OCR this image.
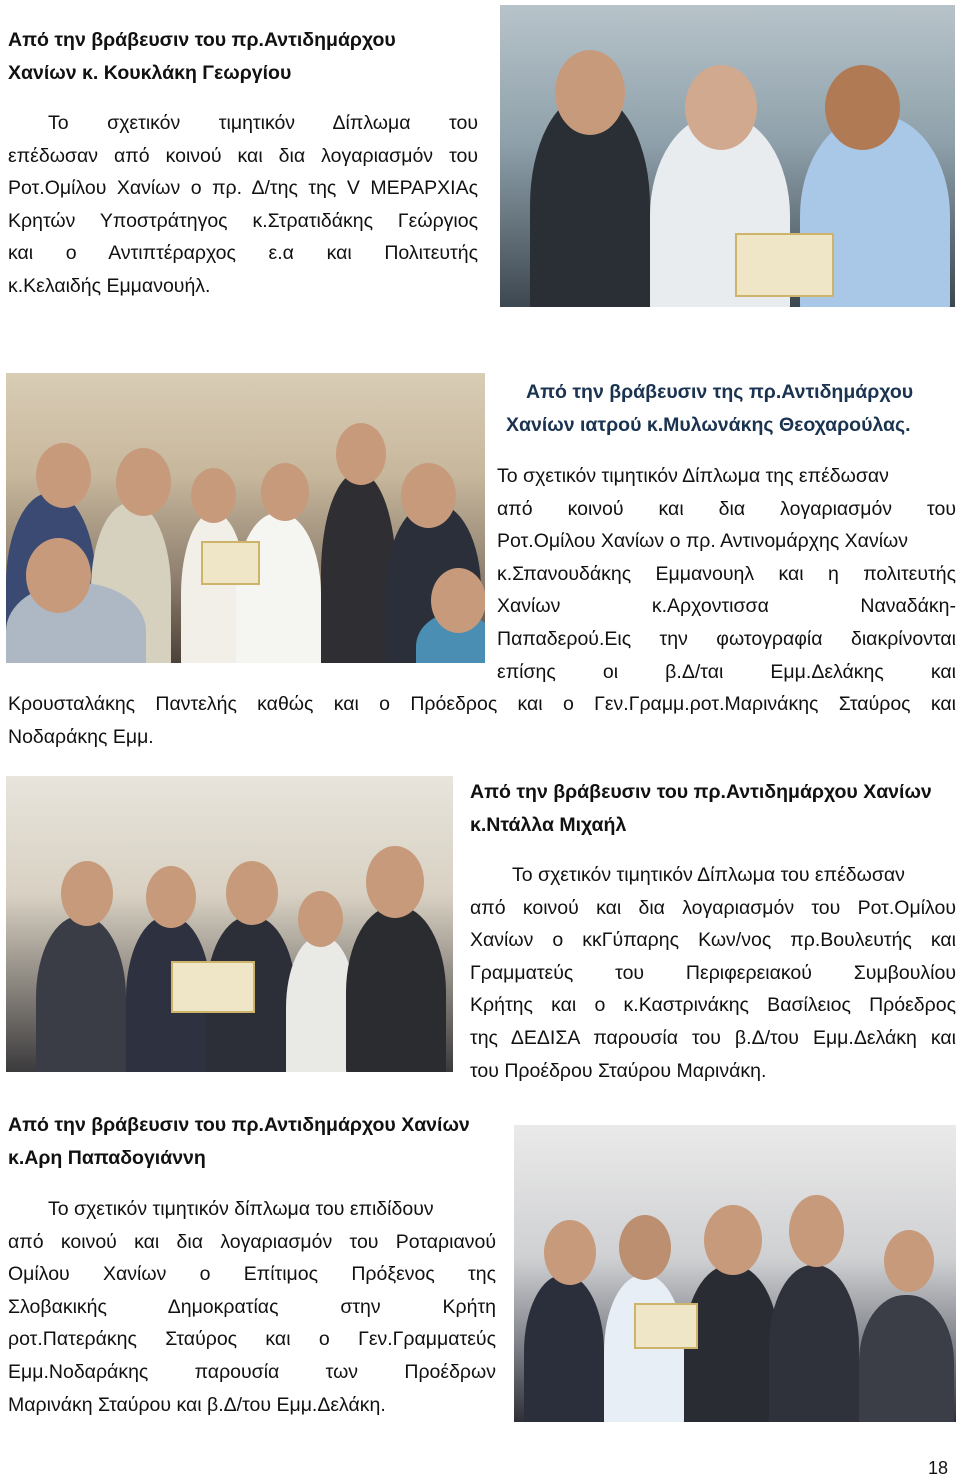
Από την βράβευσιν του πρ.Αντιδημάρχου
Χανίων κ. Κουκλάκη Γεωργίου
Το σχετικόν τιμητικόν Δίπλωμα του
επέδωσαν από κοινού και δια λογαριασμόν του
Ροτ.Ομίλου Χανίων ο πρ. Δ/της της V ΜΕΡΑΡΧΙΑς
Κρητών Υποστράτηγος κ.Στρατιδάκης Γεώργιος
και ο Αντιπτέραρχος ε.α και Πολιτευτής
κ.Κελαιδής Εμμανουήλ.
Από την βράβευσιν της πρ.Αντιδημάρχου
Χανίων ιατρού κ.Μυλωνάκης Θεοχαρούλας.
Το σχετικόν τιμητικόν Δίπλωμα της επέδωσαν
από κοινού και δια λογαριασμόν του
Ροτ.Ομίλου Χανίων ο πρ. Αντινομάρχης Χανίων
κ.Σπανουδάκης Εμμανουηλ και η πολιτευτής
Χανίων κ.Αρχοντισσα Ναναδάκη-
Παπαδερού.Εις την φωτογραφία διακρίνονται
επίσης οι β.Δ/ται Εμμ.Δελάκης και
Κρουσταλάκης Παντελής καθώς και ο Πρόεδρος και ο Γεν.Γραμμ.ροτ.Μαρινάκης Σταύρος και
Νοδαράκης Εμμ.
Από την βράβευσιν του πρ.Αντιδημάρχου Χανίων
κ.Ντάλλα Μιχαήλ
Το σχετικόν τιμητικόν Δίπλωμα του επέδωσαν
από κοινού και δια λογαριασμόν του Ροτ.Ομίλου
Χανίων ο κκΓύπαρης Κων/νος πρ.Βουλευτής και
Γραμματεύς του Περιφερειακού Συμβουλίου
Κρήτης και ο κ.Καστρινάκης Βασίλειος Πρόεδρος
της ΔΕΔΙΣΑ παρουσία του β.Δ/του Εμμ.Δελάκη και
του Προέδρου Σταύρου Μαρινάκη.
Από την βράβευσιν του πρ.Αντιδημάρχου Χανίων
κ.Αρη Παπαδογιάννη
Το σχετικόν τιμητικόν δίπλωμα του επιδίδουν
από κοινού και δια λογαριασμόν του Ροταριανού
Ομίλου Χανίων ο Επίτιμος Πρόξενος της
Σλοβακικής Δημοκρατίας στην Κρήτη
ροτ.Πατεράκης Σταύρος και ο Γεν.Γραμματεύς
Εμμ.Νοδαράκης παρουσία των Προέδρων
Μαρινάκη Σταύρου και β.Δ/του Εμμ.Δελάκη.
18
